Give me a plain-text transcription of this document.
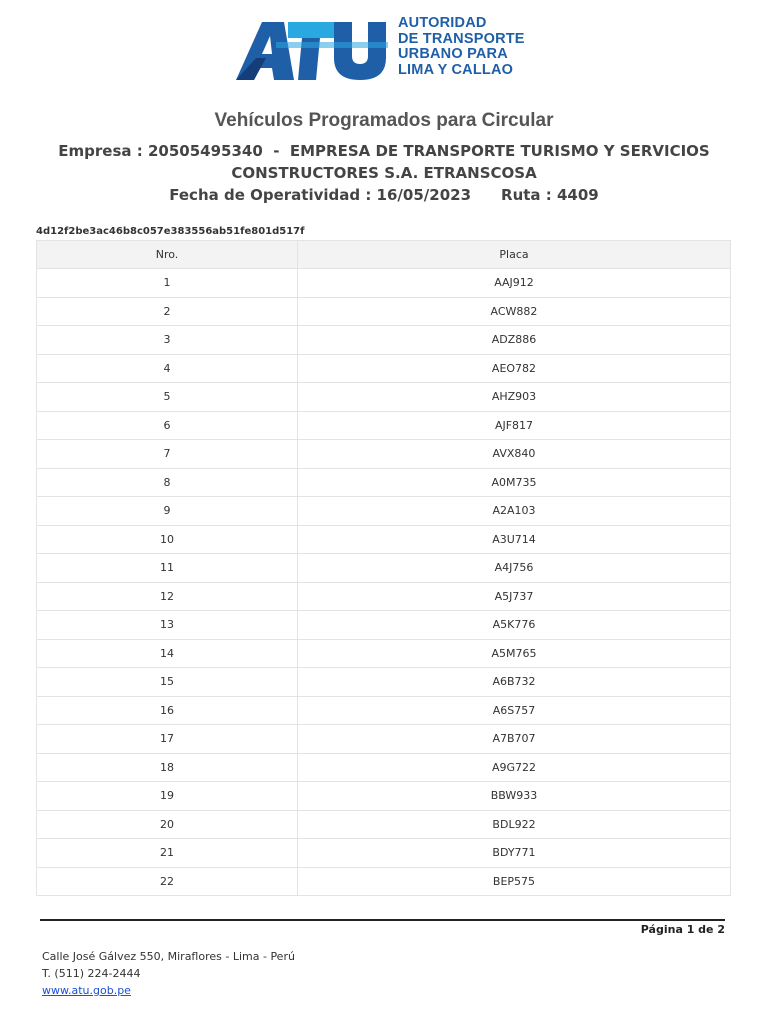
AUTORIDAD
DE TRANSPORTE
URBANO PARA
LIMA Y CALLAO
Vehículos Programados para Circular
Empresa : 20505495340  -  EMPRESA DE TRANSPORTE TURISMO Y SERVICIOS
CONSTRUCTORES S.A. ETRANSCOSA
Fecha de Operatividad : 16/05/2023 Ruta : 4409
4d12f2be3ac46b8c057e383556ab51fe801d517f
Nro.	Placa
1	AAJ912
2	ACW882
3	ADZ886
4	AEO782
5	AHZ903
6	AJF817
7	AVX840
8	A0M735
9	A2A103
10	A3U714
11	A4J756
12	A5J737
13	A5K776
14	A5M765
15	A6B732
16	A6S757
17	A7B707
18	A9G722
19	BBW933
20	BDL922
21	BDY771
22	BEP575
Página 1 de 2
Calle José Gálvez 550, Miraflores - Lima - Perú
T. (511) 224-2444
www.atu.gob.pe
